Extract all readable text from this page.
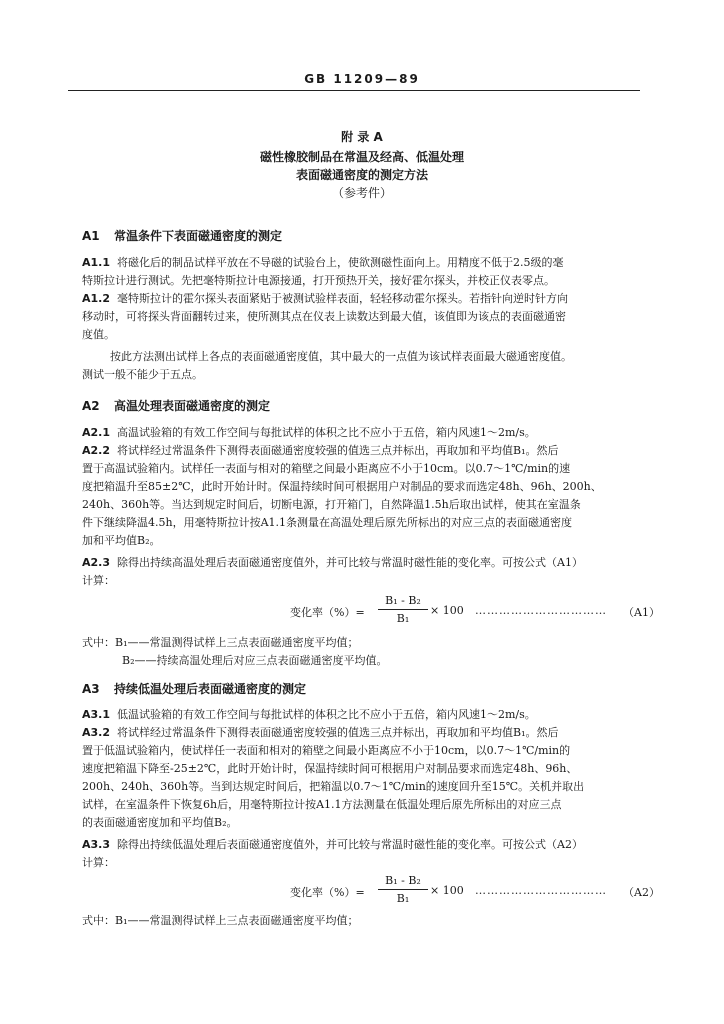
GB 11209—89
附 录 A
磁性橡胶制品在常温及经高、低温处理
表面磁通密度的测定方法
（参考件）
A1 常温条件下表面磁通密度的测定
A1.1 将磁化后的制品试样平放在不导磁的试验台上，使欲测磁性面向上。用精度不低于2.5级的毫
特斯拉计进行测试。先把毫特斯拉计电源接通，打开预热开关，接好霍尔探头，并校正仪表零点。
A1.2 毫特斯拉计的霍尔探头表面紧贴于被测试验样表面，轻轻移动霍尔探头。若指针向逆时针方向
移动时，可将探头背面翻转过来，使所测其点在仪表上读数达到最大值，该值即为该点的表面磁通密
度值。
按此方法测出试样上各点的表面磁通密度值，其中最大的一点值为该试样表面最大磁通密度值。
测试一般不能少于五点。
A2 高温处理表面磁通密度的测定
A2.1 高温试验箱的有效工作空间与每批试样的体积之比不应小于五倍，箱内风速1～2m/s。
A2.2 将试样经过常温条件下测得表面磁通密度较强的值选三点并标出，再取加和平均值B₁。然后
置于高温试验箱内。试样任一表面与相对的箱壁之间最小距离应不小于10cm。以0.7～1℃/min的速
度把箱温升至85±2℃，此时开始计时。保温持续时间可根据用户对制品的要求而选定48h、96h、200h、
240h、360h等。当达到规定时间后，切断电源，打开箱门，自然降温1.5h后取出试样，使其在室温条
件下继续降温4.5h，用毫特斯拉计按A1.1条测量在高温处理后原先所标出的对应三点的表面磁通密度
加和平均值B₂。
A2.3 除得出持续高温处理后表面磁通密度值外，并可比较与常温时磁性能的变化率。可按公式（A1）
计算：
变化率（%）=
B₁ - B₂
B₁
× 100 …………………………… （A1）
式中：B₁——常温测得试样上三点表面磁通密度平均值；
B₂——持续高温处理后对应三点表面磁通密度平均值。
A3 持续低温处理后表面磁通密度的测定
A3.1 低温试验箱的有效工作空间与每批试样的体积之比不应小于五倍，箱内风速1～2m/s。
A3.2 将试样经过常温条件下测得表面磁通密度较强的值选三点并标出，再取加和平均值B₁。然后
置于低温试验箱内，使试样任一表面和相对的箱壁之间最小距离应不小于10cm，以0.7～1℃/min的
速度把箱温下降至-25±2℃，此时开始计时，保温持续时间可根据用户对制品要求而选定48h、96h、
200h、240h、360h等。当到达规定时间后，把箱温以0.7～1℃/min的速度回升至15℃。关机并取出
试样，在室温条件下恢复6h后，用毫特斯拉计按A1.1方法测量在低温处理后原先所标出的对应三点
的表面磁通密度加和平均值B₂。
A3.3 除得出持续低温处理后表面磁通密度值外，并可比较与常温时磁性能的变化率。可按公式（A2）
计算：
变化率（%）=
B₁ - B₂
B₁
× 100 …………………………… （A2）
式中：B₁——常温测得试样上三点表面磁通密度平均值；
